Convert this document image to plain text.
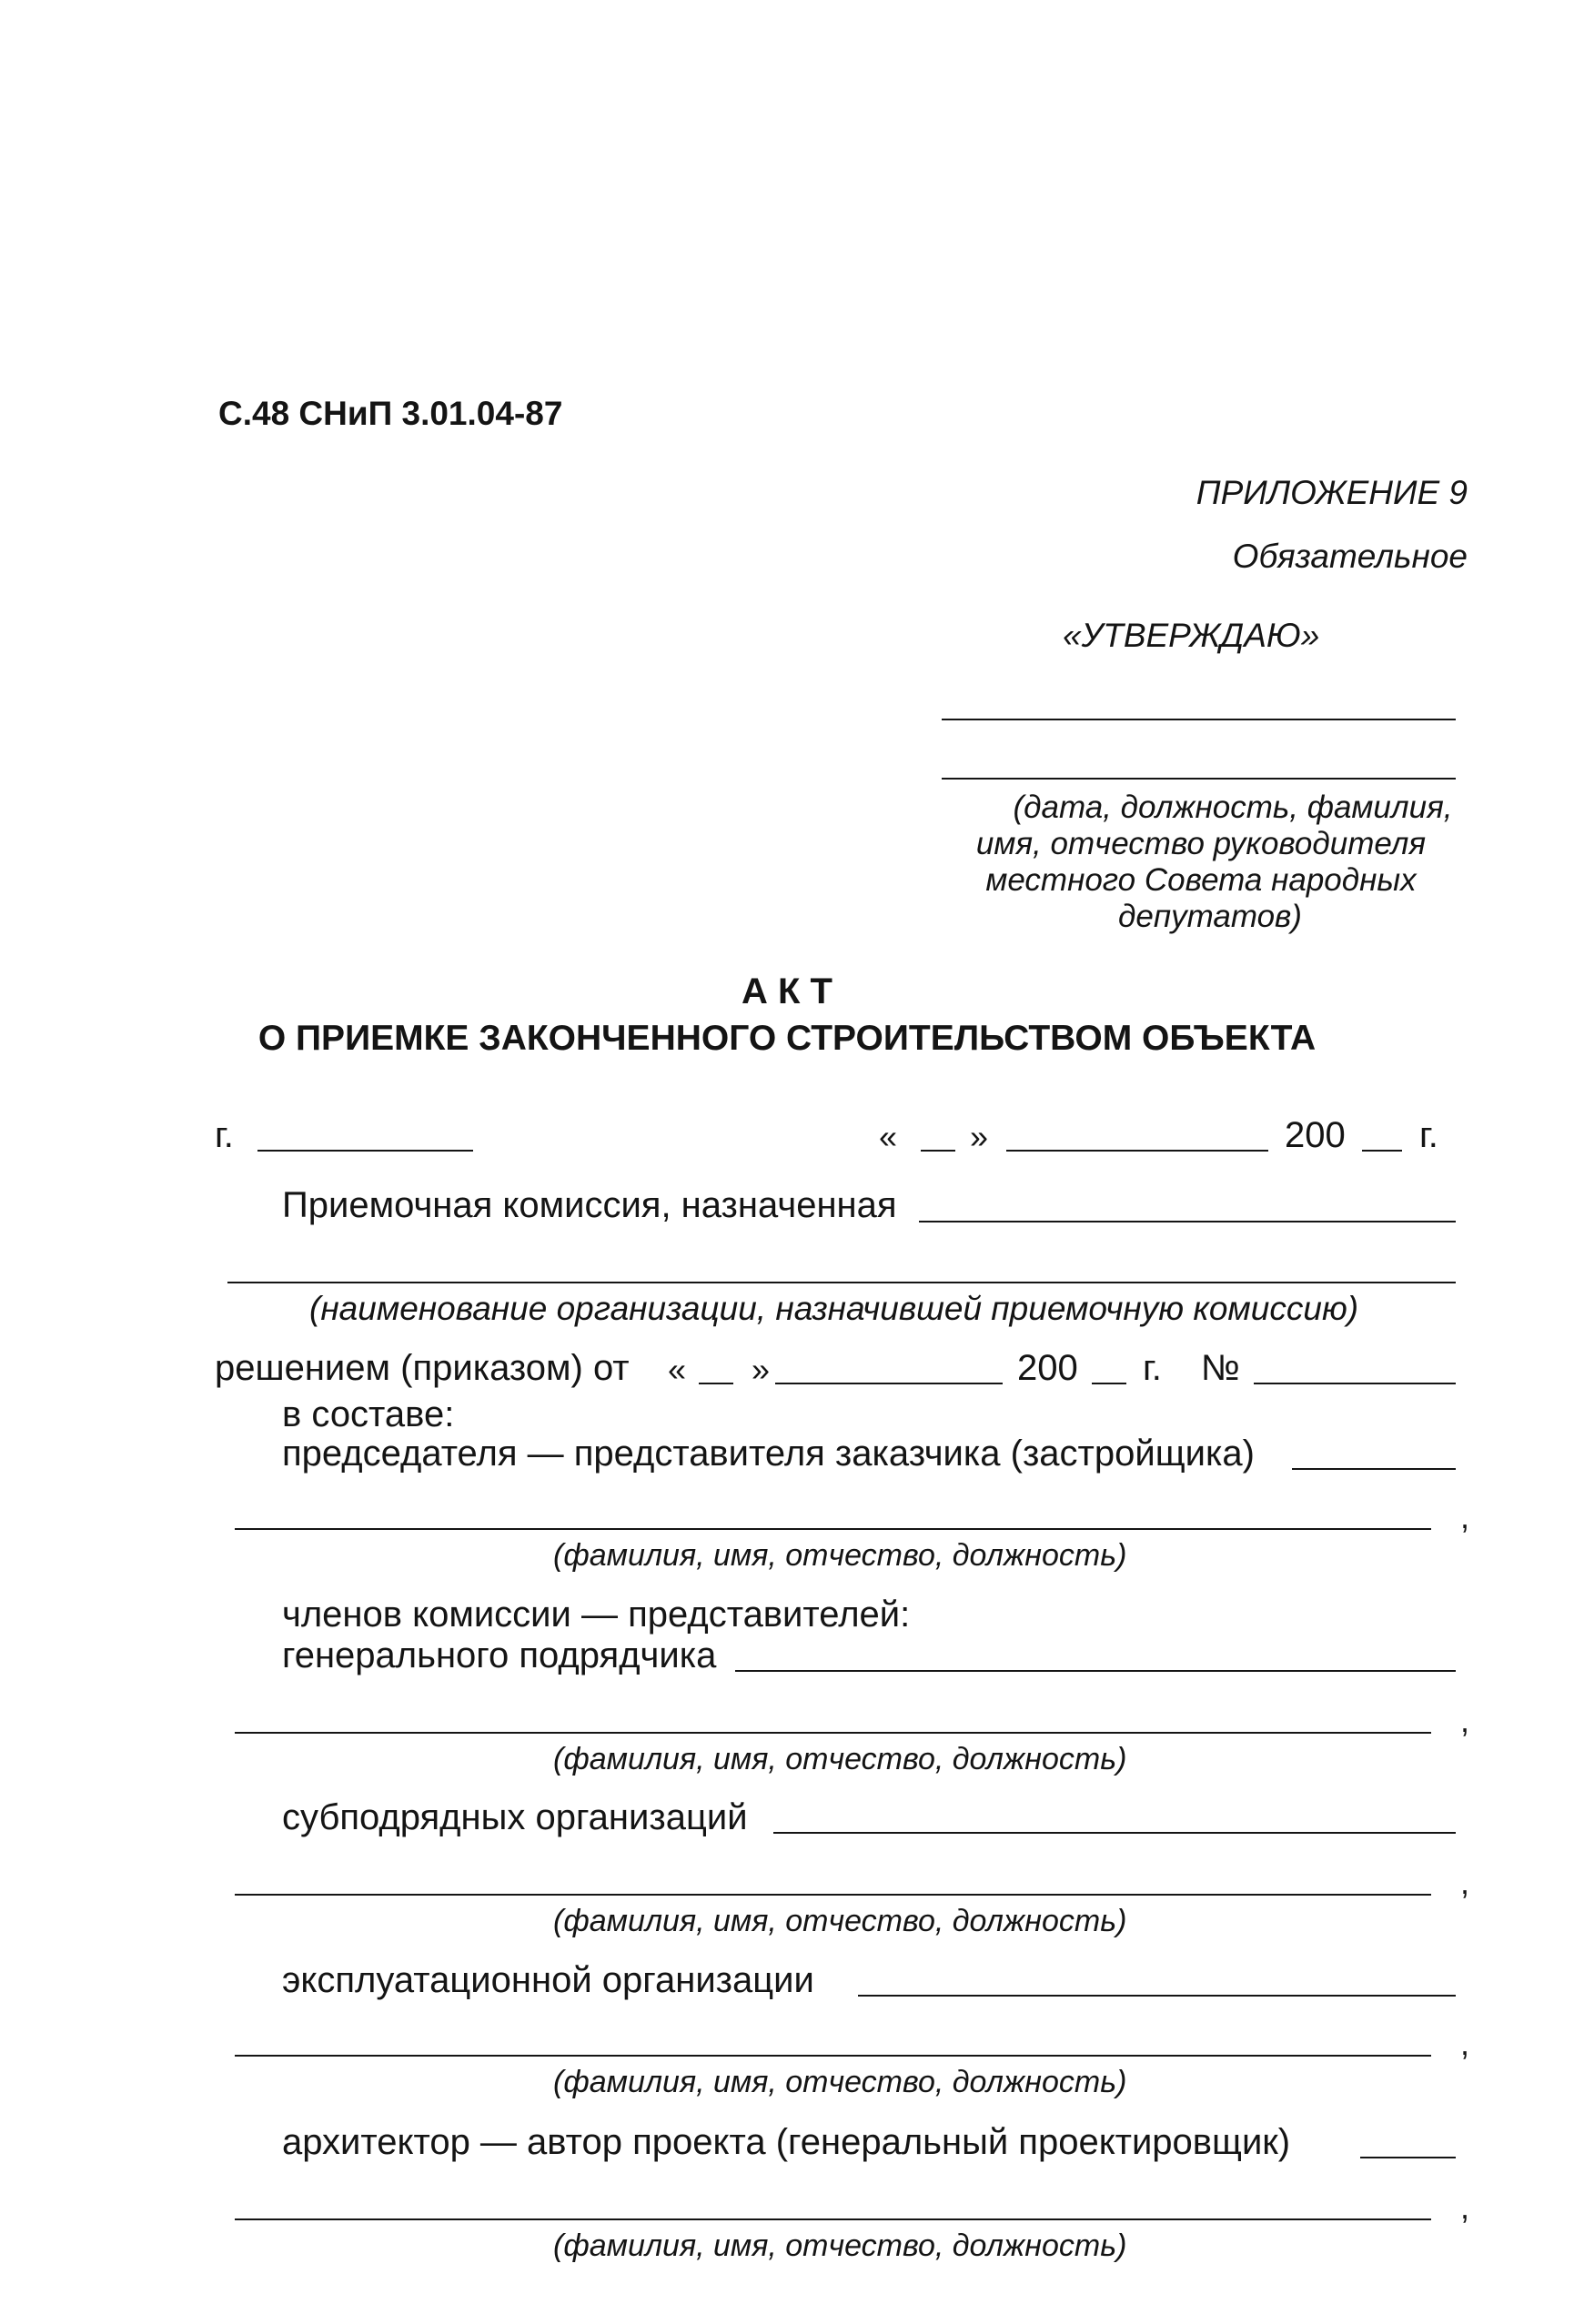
С.48 СНиП 3.01.04-87
ПРИЛОЖЕНИЕ 9
Обязательное
«УТВЕРЖДАЮ»
(дата, должность, фамилия,
имя, отчество руководителя
местного Совета народных
депутатов)
А К Т
О ПРИЕМКЕ ЗАКОНЧЕННОГО СТРОИТЕЛЬСТВОМ ОБЪЕКТА
г.	« »	200 г.
Приемочная комиссия, назначенная
(наименование организации, назначившей приемочную комиссию)
решением (приказом) от « »	200 г. №
в составе:
председателя — представителя заказчика (застройщика)
,
(фамилия, имя, отчество, должность)
членов комиссии — представителей:
генерального подрядчика
,
(фамилия, имя, отчество, должность)
субподрядных организаций
,
(фамилия, имя, отчество, должность)
эксплуатационной организации
,
(фамилия, имя, отчество, должность)
архитектор — автор проекта (генеральный проектировщик)
,
(фамилия, имя, отчество, должность)
